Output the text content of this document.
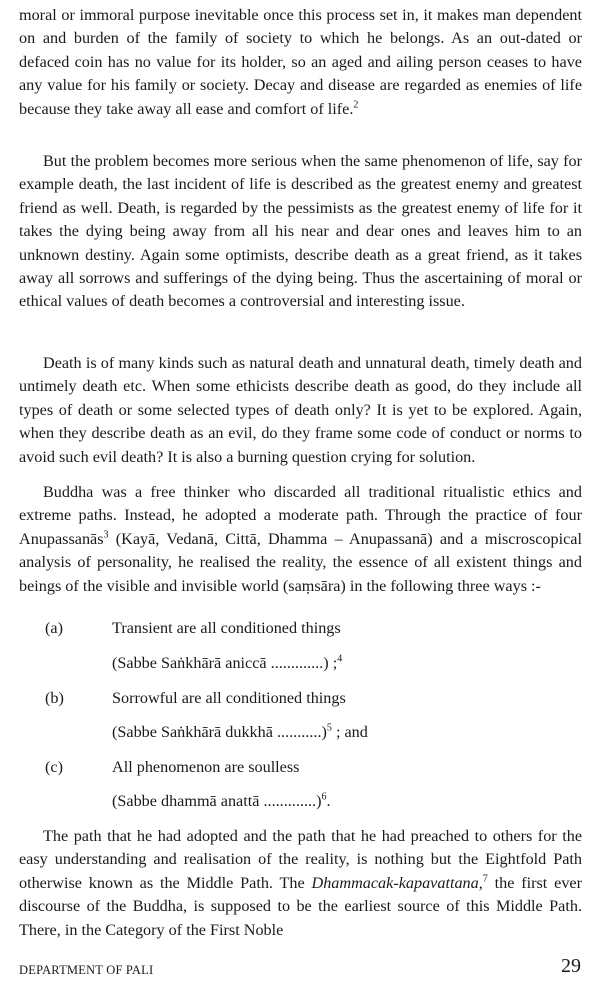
moral or immoral purpose inevitable once this process set in, it makes man dependent on and burden of the family of society to which he belongs. As an out-dated or defaced coin has no value for its holder, so an aged and ailing person ceases to have any value for his family or society. Decay and disease are regarded as enemies of life because they take away all ease and comfort of life.$^2$

But the problem becomes more serious when the same phenomenon of life, say for example death, the last incident of life is described as the greatest enemy and greatest friend as well. Death, is regarded by the pessimists as the greatest enemy of life for it takes the dying being away from all his near and dear ones and leaves him to an unknown destiny. Again some optimists, describe death as a great friend, as it takes away all sorrows and sufferings of the dying being. Thus the ascertaining of moral or ethical values of death becomes a controversial and interesting issue.

Death is of many kinds such as natural death and unnatural death, timely death and untimely death etc. When some ethicists describe death as good, do they include all types of death or some selected types of death only? It is yet to be explored. Again, when they describe death as an evil, do they frame some code of conduct or norms to avoid such evil death? It is also a burning question crying for solution.

Buddha was a free thinker who discarded all traditional ritualistic ethics and extreme paths. Instead, he adopted a moderate path. Through the practice of four Anupassanās$^3$ (Kayā, Vedanā, Cittā, Dhamma – Anupassanā) and a miscroscopical analysis of personality, he realised the reality, the essence of all existent things and beings of the visible and invisible world (saṃsāra) in the following three ways :-

(a)	Transient are all conditioned things
(Sabbe Saṅkhārā aniccā .............) ;$^4$
(b)	Sorrowful are all conditioned things
(Sabbe Saṅkhārā dukkhā ...........)$^5$ ; and
(c)	All phenomenon are soulless
(Sabbe dhammā anattā .............)$^6$.

The path that he had adopted and the path that he had preached to others for the easy understanding and realisation of the reality, is nothing but the Eightfold Path otherwise known as the Middle Path. The Dhammacak-kapavattana,$^7$ the first ever discourse of the Buddha, is supposed to be the earliest source of this Middle Path. There, in the Category of the First Noble

DEPARTMENT OF PALI	29
